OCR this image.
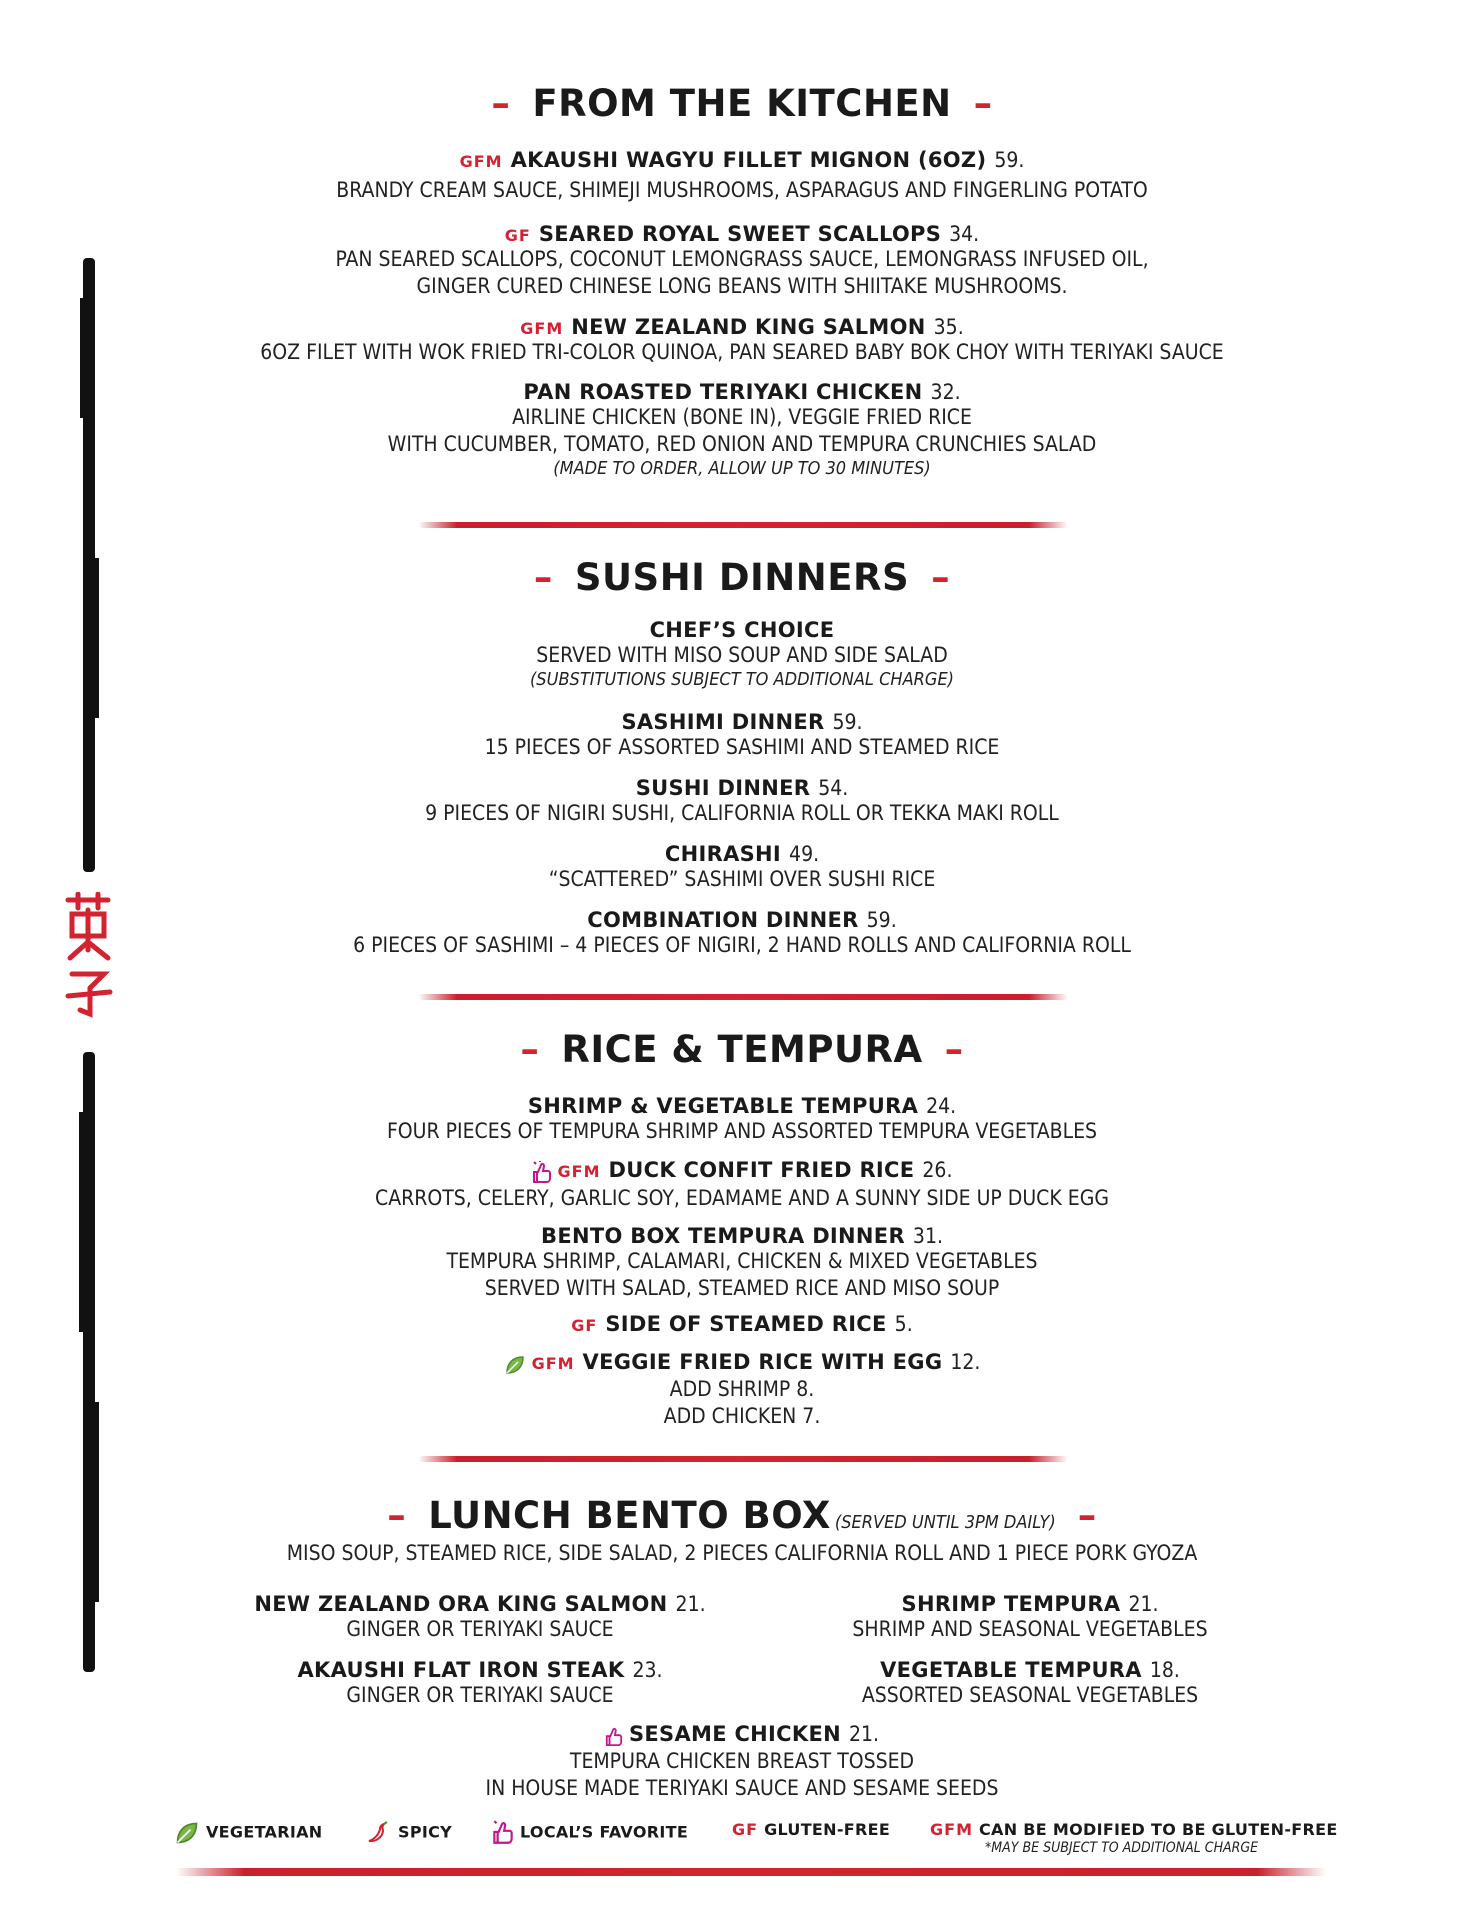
– FROM THE KITCHEN –
GFM AKAUSHI WAGYU FILLET MIGNON (6OZ) 59.
BRANDY CREAM SAUCE, SHIMEJI MUSHROOMS, ASPARAGUS AND FINGERLING POTATO
GF SEARED ROYAL SWEET SCALLOPS 34.
PAN SEARED SCALLOPS, COCONUT LEMONGRASS SAUCE, LEMONGRASS INFUSED OIL,
GINGER CURED CHINESE LONG BEANS WITH SHIITAKE MUSHROOMS.
GFM NEW ZEALAND KING SALMON 35.
6OZ FILET WITH WOK FRIED TRI-COLOR QUINOA, PAN SEARED BABY BOK CHOY WITH TERIYAKI SAUCE
PAN ROASTED TERIYAKI CHICKEN 32.
AIRLINE CHICKEN (BONE IN), VEGGIE FRIED RICE
WITH CUCUMBER, TOMATO, RED ONION AND TEMPURA CRUNCHIES SALAD
(MADE TO ORDER, ALLOW UP TO 30 MINUTES)
– SUSHI DINNERS –
CHEF’S CHOICE
SERVED WITH MISO SOUP AND SIDE SALAD
(SUBSTITUTIONS SUBJECT TO ADDITIONAL CHARGE)
SASHIMI DINNER 59.
15 PIECES OF ASSORTED SASHIMI AND STEAMED RICE
SUSHI DINNER 54.
9 PIECES OF NIGIRI SUSHI, CALIFORNIA ROLL OR TEKKA MAKI ROLL
CHIRASHI 49.
“SCATTERED” SASHIMI OVER SUSHI RICE
COMBINATION DINNER 59.
6 PIECES OF SASHIMI – 4 PIECES OF NIGIRI, 2 HAND ROLLS AND CALIFORNIA ROLL
– RICE & TEMPURA –
SHRIMP & VEGETABLE TEMPURA 24.
FOUR PIECES OF TEMPURA SHRIMP AND ASSORTED TEMPURA VEGETABLES
GFM DUCK CONFIT FRIED RICE 26.
CARROTS, CELERY, GARLIC SOY, EDAMAME AND A SUNNY SIDE UP DUCK EGG
BENTO BOX TEMPURA DINNER 31.
TEMPURA SHRIMP, CALAMARI, CHICKEN & MIXED VEGETABLES
SERVED WITH SALAD, STEAMED RICE AND MISO SOUP
GF SIDE OF STEAMED RICE 5.
GFM VEGGIE FRIED RICE WITH EGG 12.
ADD SHRIMP 8.
ADD CHICKEN 7.
– LUNCH BENTO BOX (SERVED UNTIL 3PM DAILY) –
MISO SOUP, STEAMED RICE, SIDE SALAD, 2 PIECES CALIFORNIA ROLL AND 1 PIECE PORK GYOZA
NEW ZEALAND ORA KING SALMON 21.
GINGER OR TERIYAKI SAUCE
SHRIMP TEMPURA 21.
SHRIMP AND SEASONAL VEGETABLES
AKAUSHI FLAT IRON STEAK 23.
GINGER OR TERIYAKI SAUCE
VEGETABLE TEMPURA 18.
ASSORTED SEASONAL VEGETABLES
SESAME CHICKEN 21.
TEMPURA CHICKEN BREAST TOSSED
IN HOUSE MADE TERIYAKI SAUCE AND SESAME SEEDS
VEGETARIAN	SPICY	LOCAL’S FAVORITE	GF GLUTEN-FREE GFM CAN BE MODIFIED TO BE GLUTEN-FREE
*MAY BE SUBJECT TO ADDITIONAL CHARGE
